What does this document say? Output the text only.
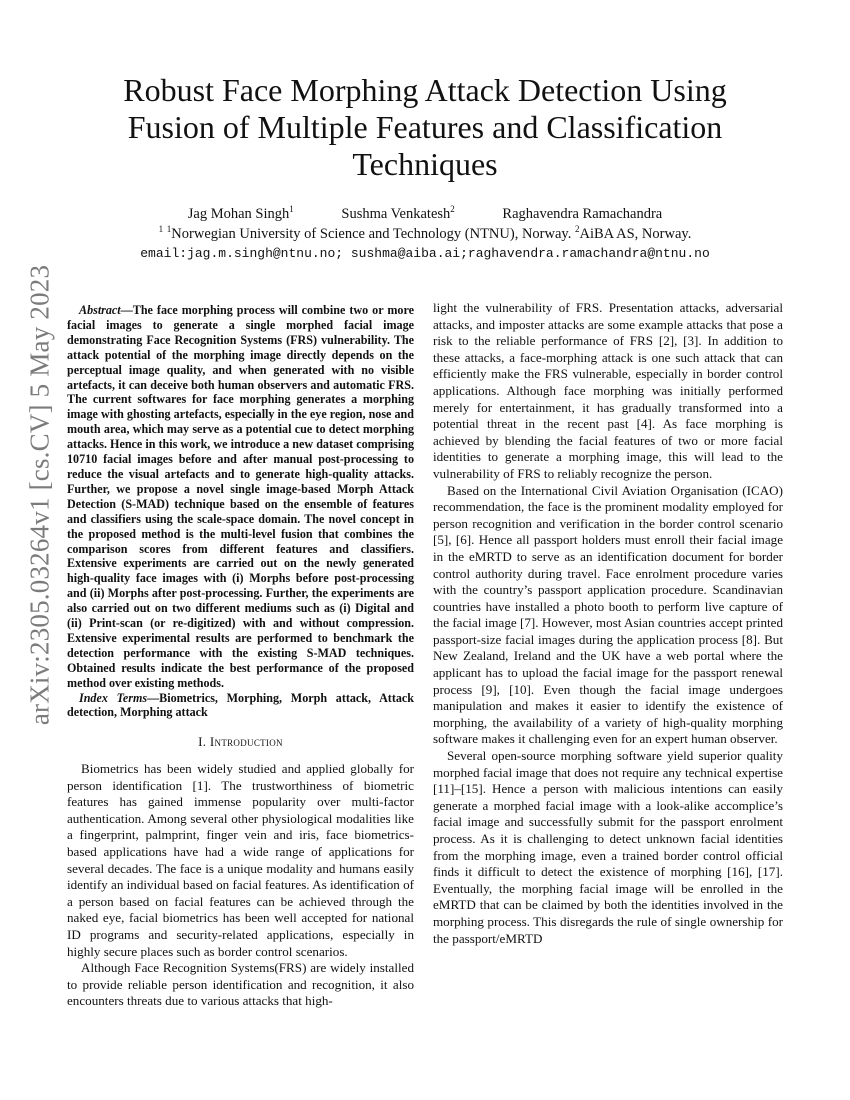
arXiv:2305.03264v1 [cs.CV] 5 May 2023
Robust Face Morphing Attack Detection Using
Fusion of Multiple Features and Classification
Techniques
Jag Mohan Singh$^1$	Sushma Venkatesh$^2$	Raghavendra Ramachandra
$^1$ $^1$Norwegian University of Science and Technology (NTNU), Norway. $^2$AiBA AS, Norway.
email:jag.m.singh@ntnu.no; sushma@aiba.ai;raghavendra.ramachandra@ntnu.no

Abstract—The face morphing process will combine two or more facial images to generate a single morphed facial image demonstrating Face Recognition Systems (FRS) vulnerability. The attack potential of the morphing image directly depends on the perceptual image quality, and when generated with no visible artefacts, it can deceive both human observers and automatic FRS. The current softwares for face morphing generates a morphing image with ghosting artefacts, especially in the eye region, nose and mouth area, which may serve as a potential cue to detect morphing attacks. Hence in this work, we introduce a new dataset comprising 10710 facial images before and after manual post-processing to reduce the visual artefacts and to generate high-quality attacks. Further, we propose a novel single image-based Morph Attack Detection (S-MAD) technique based on the ensemble of features and classifiers using the scale-space domain. The novel concept in the proposed method is the multi-level fusion that combines the comparison scores from different features and classifiers. Extensive experiments are carried out on the newly generated high-quality face images with (i) Morphs before post-processing and (ii) Morphs after post-processing. Further, the experiments are also carried out on two different mediums such as (i) Digital and (ii) Print-scan (or re-digitized) with and without compression. Extensive experimental results are performed to benchmark the detection performance with the existing S-MAD techniques. Obtained results indicate the best performance of the proposed method over existing methods.

Index Terms—Biometrics, Morphing, Morph attack, Attack detection, Morphing attack

I. Introduction

Biometrics has been widely studied and applied globally for person identification [1]. The trustworthiness of biometric features has gained immense popularity over multi-factor authentication. Among several other physiological modalities like a fingerprint, palmprint, finger vein and iris, face biometrics-based applications have had a wide range of applications for several decades. The face is a unique modality and humans easily identify an individual based on facial features. As identification of a person based on facial features can be achieved through the naked eye, facial biometrics has been well accepted for national ID programs and security-related applications, especially in highly secure places such as border control scenarios.

Although Face Recognition Systems(FRS) are widely installed to provide reliable person identification and recognition, it also encounters threats due to various attacks that high-

light the vulnerability of FRS. Presentation attacks, adversarial attacks, and imposter attacks are some example attacks that pose a risk to the reliable performance of FRS [2], [3]. In addition to these attacks, a face-morphing attack is one such attack that can efficiently make the FRS vulnerable, especially in border control applications. Although face morphing was initially performed merely for entertainment, it has gradually transformed into a potential threat in the recent past [4]. As face morphing is achieved by blending the facial features of two or more facial identities to generate a morphing image, this will lead to the vulnerability of FRS to reliably recognize the person.

Based on the International Civil Aviation Organisation (ICAO) recommendation, the face is the prominent modality employed for person recognition and verification in the border control scenario [5], [6]. Hence all passport holders must enroll their facial image in the eMRTD to serve as an identification document for border control authority during travel. Face enrolment procedure varies with the country’s passport application procedure. Scandinavian countries have installed a photo booth to perform live capture of the facial image [7]. However, most Asian countries accept printed passport-size facial images during the application process [8]. But New Zealand, Ireland and the UK have a web portal where the applicant has to upload the facial image for the passport renewal process [9], [10]. Even though the facial image undergoes manipulation and makes it easier to identify the existence of morphing, the availability of a variety of high-quality morphing software makes it challenging even for an expert human observer.

Several open-source morphing software yield superior quality morphed facial image that does not require any technical expertise [11]–[15]. Hence a person with malicious intentions can easily generate a morphed facial image with a look-alike accomplice’s facial image and successfully submit for the passport enrolment process. As it is challenging to detect unknown facial identities from the morphing image, even a trained border control official finds it difficult to detect the existence of morphing [16], [17]. Eventually, the morphing facial image will be enrolled in the eMRTD that can be claimed by both the identities involved in the morphing process. This disregards the rule of single ownership for the passport/eMRTD
